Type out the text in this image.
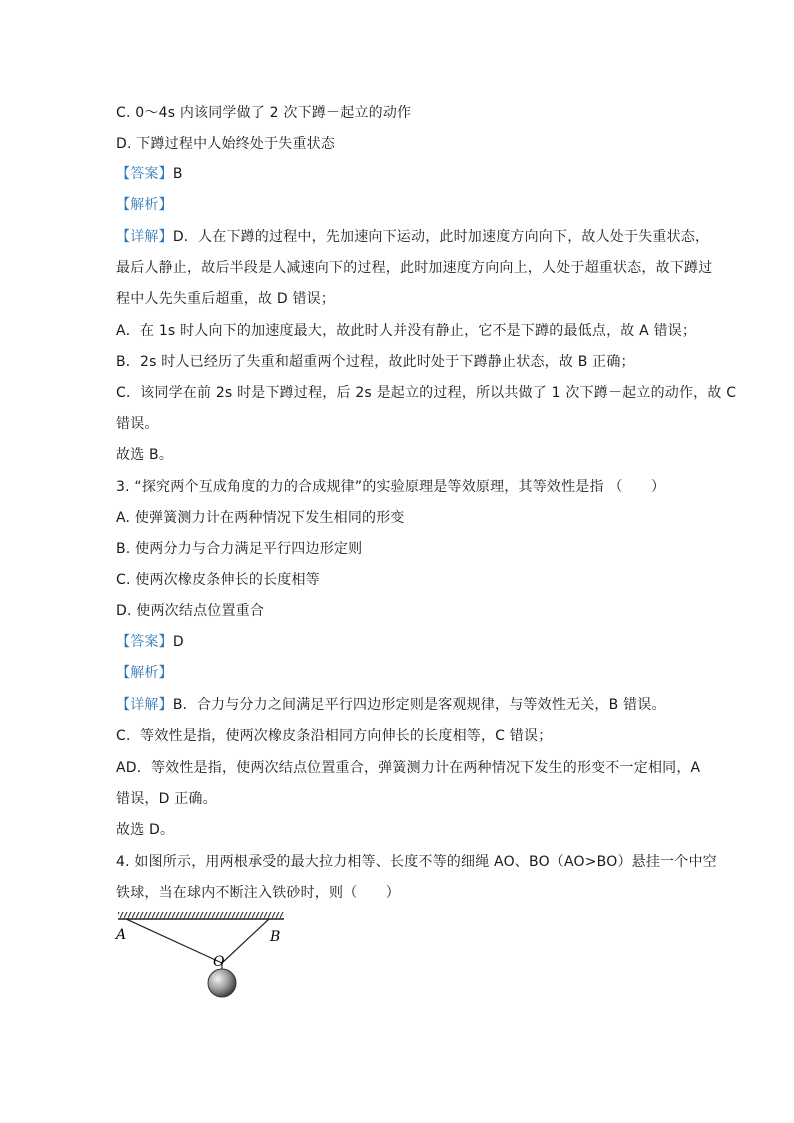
C. 0～4s 内该同学做了 2 次下蹲－起立的动作
D. 下蹲过程中人始终处于失重状态
【答案】B
【解析】
【详解】D．人在下蹲的过程中，先加速向下运动，此时加速度方向向下，故人处于失重状态，
最后人静止，故后半段是人减速向下的过程，此时加速度方向向上，人处于超重状态，故下蹲过
程中人先失重后超重，故 D 错误；
A．在 1s 时人向下的加速度最大，故此时人并没有静止，它不是下蹲的最低点，故 A 错误；
B．2s 时人已经历了失重和超重两个过程，故此时处于下蹲静止状态，故 B 正确；
C．该同学在前 2s 时是下蹲过程，后 2s 是起立的过程，所以共做了 1 次下蹲－起立的动作，故 C
错误。
故选 B。
3. “探究两个互成角度的力的合成规律”的实验原理是等效原理，其等效性是指 （　　）
A. 使弹簧测力计在两种情况下发生相同的形变
B. 使两分力与合力满足平行四边形定则
C. 使两次橡皮条伸长的长度相等
D. 使两次结点位置重合
【答案】D
【解析】
【详解】B．合力与分力之间满足平行四边形定则是客观规律，与等效性无关，B 错误。
C．等效性是指，使两次橡皮条沿相同方向伸长的长度相等，C 错误；
AD．等效性是指，使两次结点位置重合，弹簧测力计在两种情况下发生的形变不一定相同，A
错误，D 正确。
故选 D。
4. 如图所示，用两根承受的最大拉力相等、长度不等的细绳 AO、BO（AO>BO）悬挂一个中空
铁球，当在球内不断注入铁砂时，则（　　）
A	B
O
